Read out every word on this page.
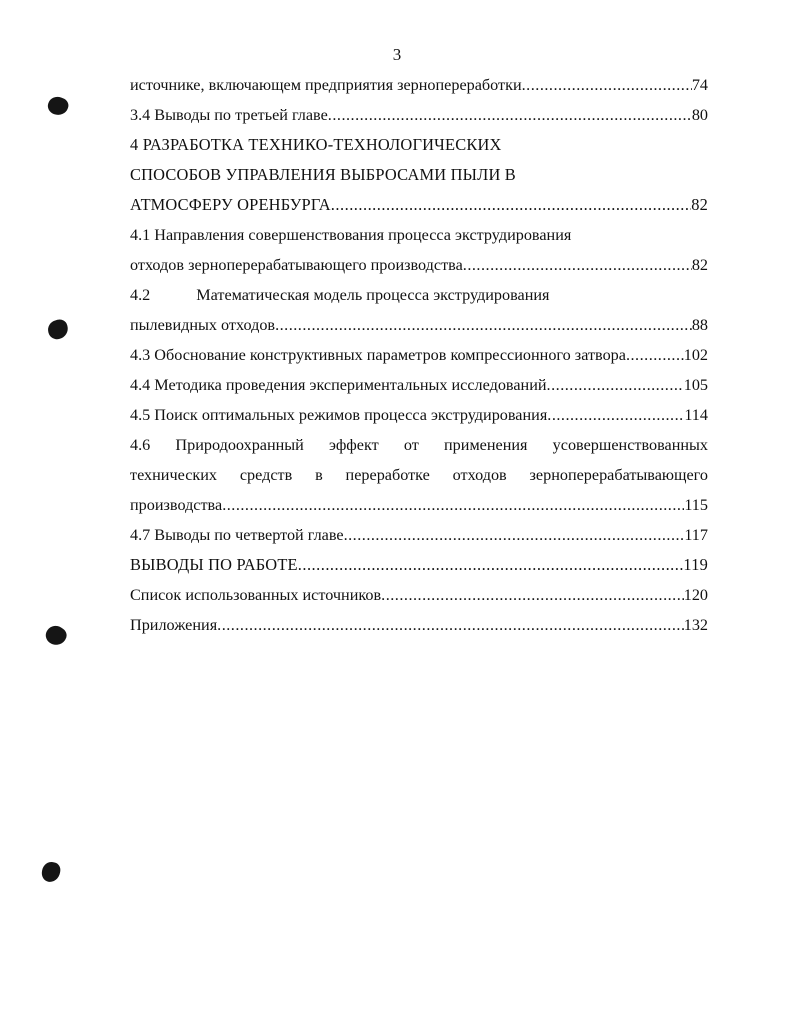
3
источнике, включающем предприятия зернопереработки .....	74
3.4 Выводы по третьей главе .....	80
4 РАЗРАБОТКА ТЕХНИКО-ТЕХНОЛОГИЧЕСКИХ
СПОСОБОВ УПРАВЛЕНИЯ ВЫБРОСАМИ ПЫЛИ В
АТМОСФЕРУ ОРЕНБУРГА .....	82
4.1 Направления совершенствования процесса экструдирования
отходов зерноперерабатывающего производства .....	82
4.2	Математическая модель процесса экструдирования
пылевидных отходов .....	88
4.3 Обоснование конструктивных параметров компрессионного затвора .....	102
4.4 Методика проведения экспериментальных исследований .....	105
4.5 Поиск оптимальных режимов процесса экструдирования .....	114
4.6 Природоохранный эффект от применения усовершенствованных
технических средств в переработке отходов зерноперерабатывающего
производства .....	115
4.7 Выводы по четвертой главе .....	117
ВЫВОДЫ ПО РАБОТЕ .....	119
Список использованных источников .....	120
Приложения .....	132
